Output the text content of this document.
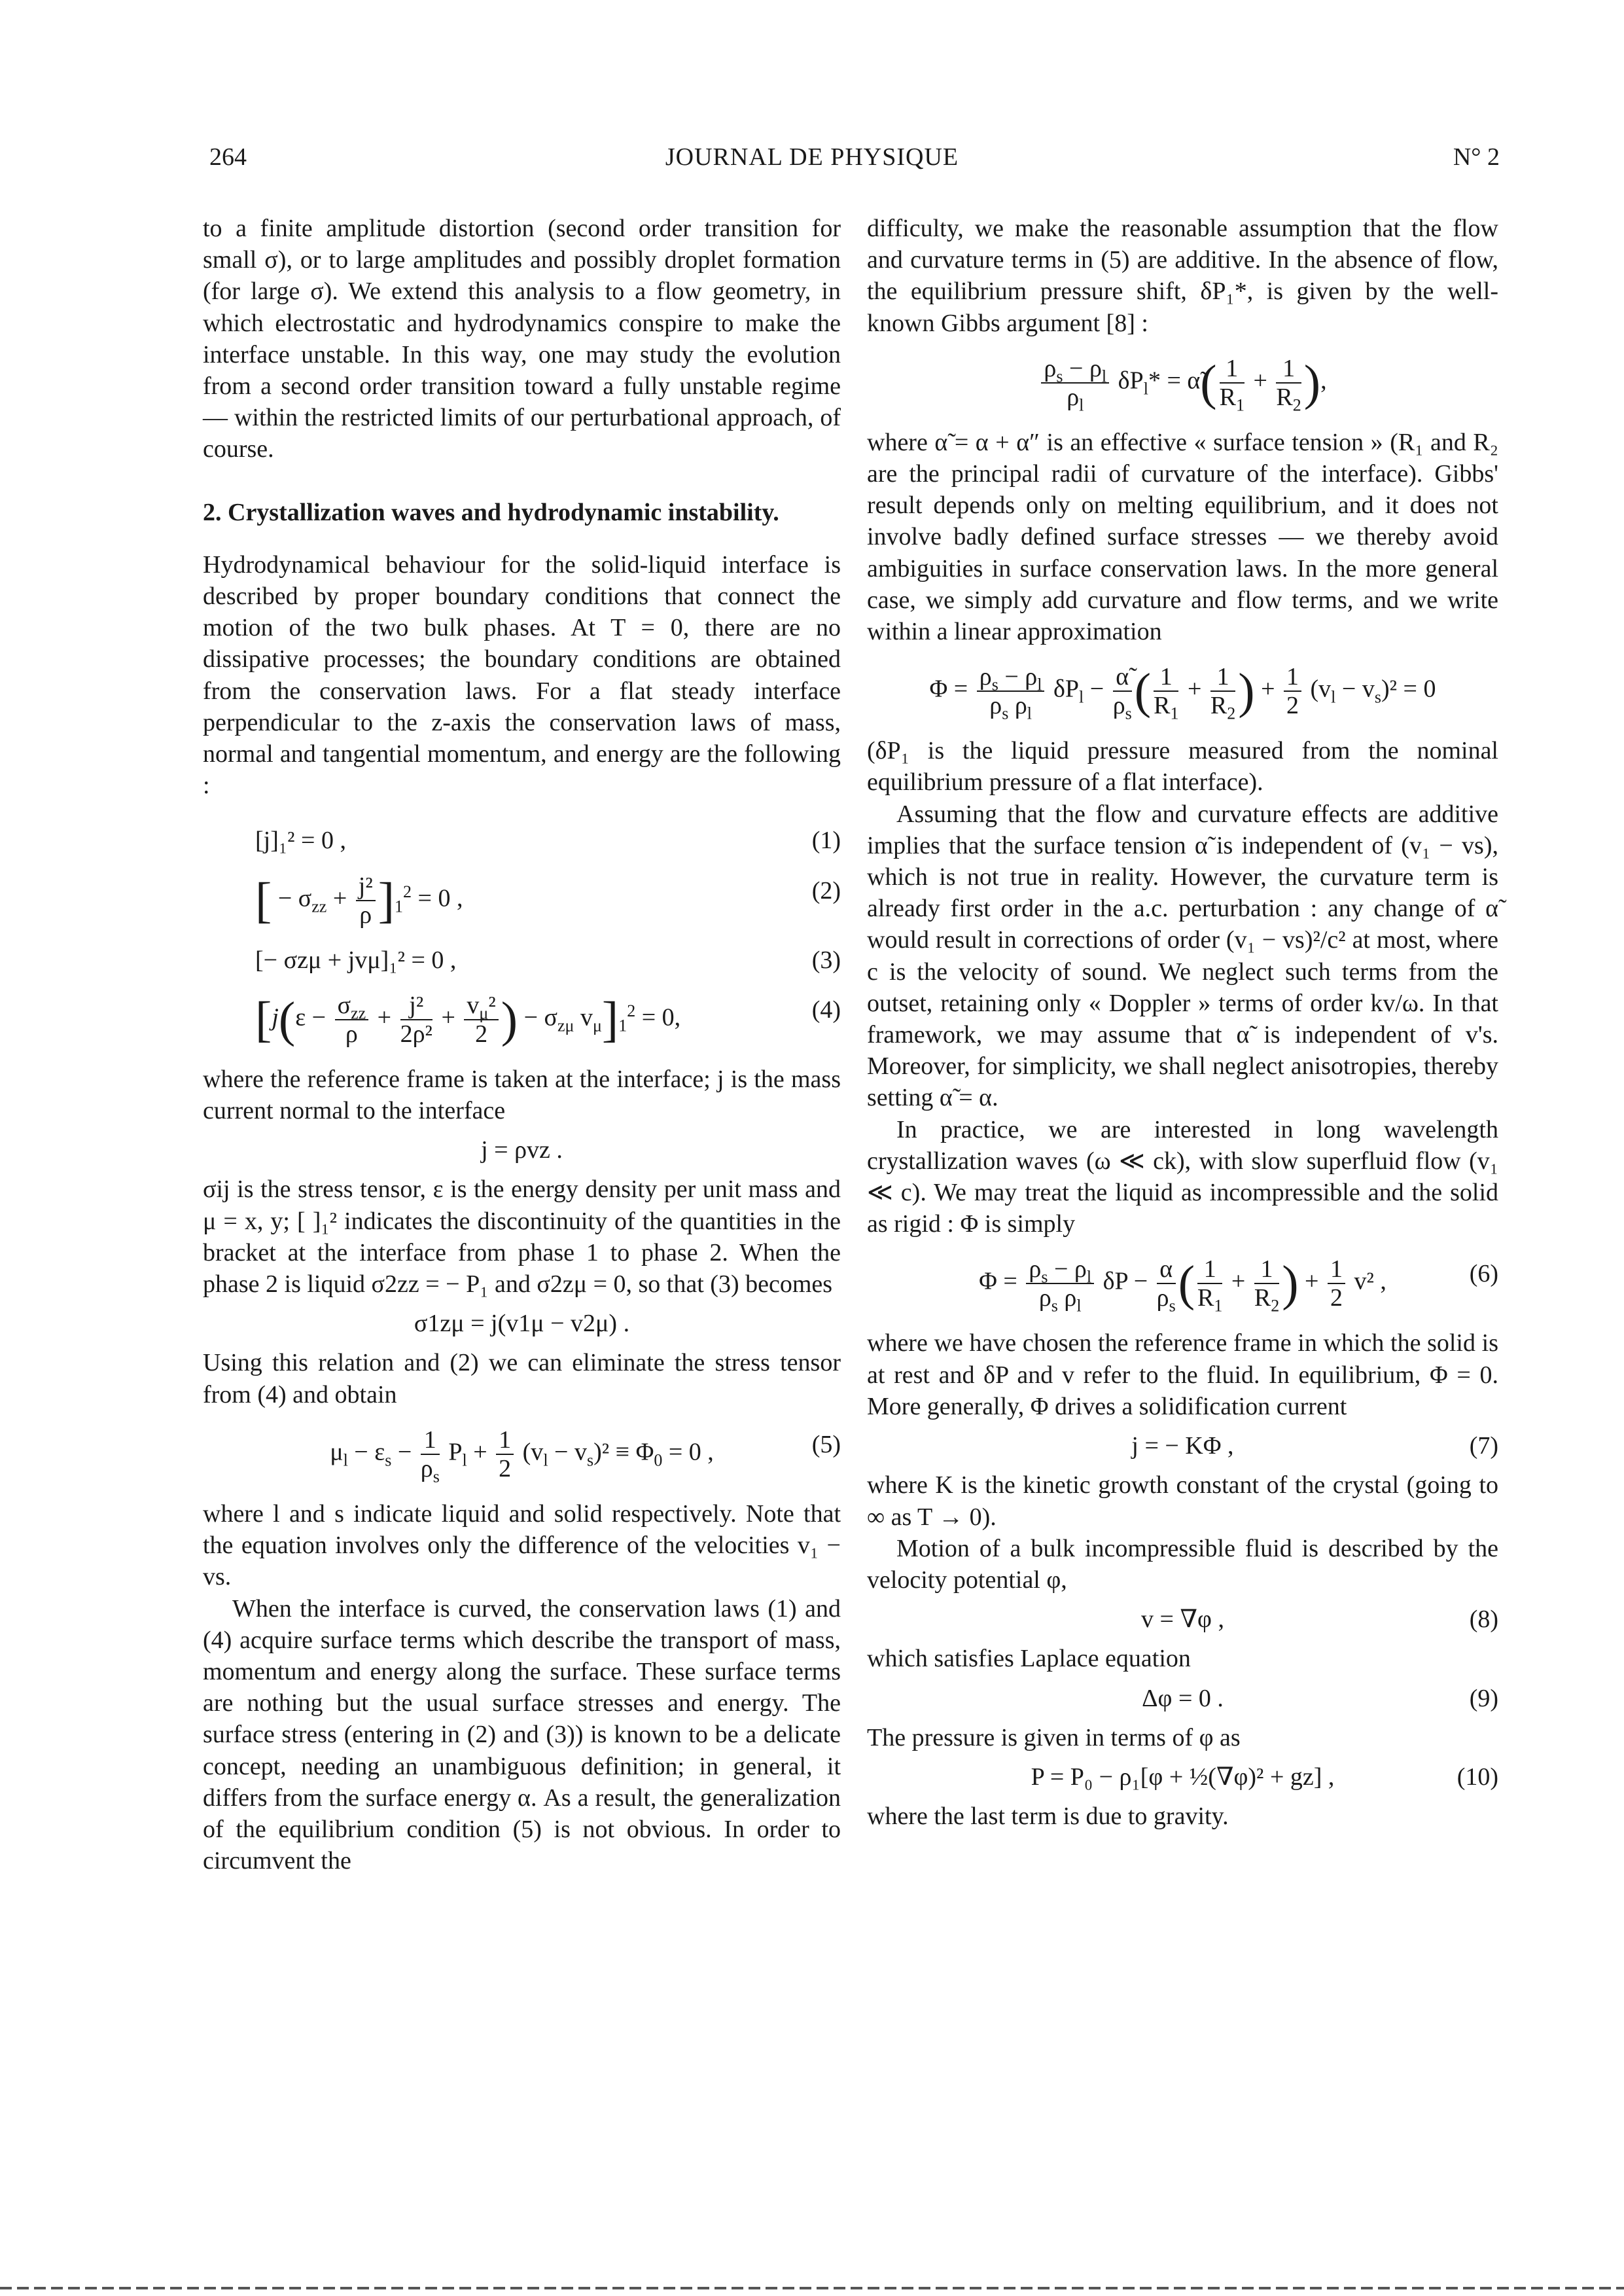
264	JOURNAL DE PHYSIQUE	N° 2

to a finite amplitude distortion (second order transition for small σ), or to large amplitudes and possibly droplet formation (for large σ). We extend this analysis to a flow geometry, in which electrostatic and hydrodynamics conspire to make the interface unstable. In this way, one may study the evolution from a second order transition toward a fully unstable regime — within the restricted limits of our perturbational approach, of course.

2. Crystallization waves and hydrodynamic instability.

Hydrodynamical behaviour for the solid-liquid interface is described by proper boundary conditions that connect the motion of the two bulk phases. At T = 0, there are no dissipative processes; the boundary conditions are obtained from the conservation laws. For a flat steady interface perpendicular to the z-axis the conservation laws of mass, normal and tangential momentum, and energy are the following :

[j]₁² = 0 ,	(1)
[ − $\sigma_{zz} + \frac{\text{j²}}{\rho} ]_1^2 = 0$ ,	(2)
[− σzμ + jvμ]₁² = 0 ,	(3)
[$j(\varepsilon - \frac{\sigma_{zz}}{\rho} + \frac{\text{j²}}{\text{2ρ²}} + \frac{v_\mu^2}{2}$ ) − $\sigma_{z\mu}$ $v_\mu]_1^2 = 0$,	(4)

where the reference frame is taken at the interface; j is the mass current normal to the interface

j = ρvz .

σij is the stress tensor, ε is the energy density per unit mass and μ = x, y; [ ]₁² indicates the discontinuity of the quantities in the bracket at the interface from phase 1 to phase 2. When the phase 2 is liquid σ2zz = − P₁ and σ2zμ = 0, so that (3) becomes

σ1zμ = j(v1μ − v2μ) .

Using this relation and (2) we can eliminate the stress tensor from (4) and obtain

$\mu_l - \varepsilon_s - \frac{1}{\rho_s} P_l + \frac{1}{2} (v_l - v_s)^2 \equiv \Phi_0 = 0$ ,	(5)

where l and s indicate liquid and solid respectively. Note that the equation involves only the difference of the velocities v₁ − vs.

When the interface is curved, the conservation laws (1) and (4) acquire surface terms which describe the transport of mass, momentum and energy along the surface. These surface terms are nothing but the usual surface stresses and energy. The surface stress (entering in (2) and (3)) is known to be a delicate concept, needing an unambiguous definition; in general, it differs from the surface energy α. As a result, the generalization of the equilibrium condition (5) is not obvious. In order to circumvent the

difficulty, we make the reasonable assumption that the flow and curvature terms in (5) are additive. In the absence of flow, the equilibrium pressure shift, δP₁*, is given by the well-known Gibbs argument [8] :

$\frac{\rho_s - \rho_l}{\rho_l} \delta P_l*$ = α̃( $\frac{1}{R_1} + \frac{1}{R_2}$ ),

where α̃ = α + α″ is an effective « surface tension » (R₁ and R₂ are the principal radii of curvature of the interface). Gibbs' result depends only on melting equilibrium, and it does not involve badly defined surface stresses — we thereby avoid ambiguities in surface conservation laws. In the more general case, we simply add curvature and flow terms, and we write within a linear approximation

$\Phi = \frac{\rho_s - \rho_l}{\rho_s \rho_l} \delta P_l - \frac{\alphã}{\rho_s}$ ( $\frac{1}{R_1} + \frac{1}{R_2}$ ) + $\frac{1}{2} (v_l - v_s)^2 = 0$

(δP₁ is the liquid pressure measured from the nominal equilibrium pressure of a flat interface).

Assuming that the flow and curvature effects are additive implies that the surface tension α̃ is independent of (v₁ − vs), which is not true in reality. However, the curvature term is already first order in the a.c. perturbation : any change of α̃ would result in corrections of order (v₁ − vs)²/c² at most, where c is the velocity of sound. We neglect such terms from the outset, retaining only « Doppler » terms of order kv/ω. In that framework, we may assume that α̃ is independent of v's. Moreover, for simplicity, we shall neglect anisotropies, thereby setting α̃ = α.

In practice, we are interested in long wavelength crystallization waves (ω ≪ ck), with slow superfluid flow (v₁ ≪ c). We may treat the liquid as incompressible and the solid as rigid : Φ is simply

$\Phi = \frac{\rho_s - \rho_l}{\rho_s \rho_l}$ $\delta P - \frac{\alpha}{\rho_s}$ ( $\frac{1}{R_1} + \frac{1}{R_2}$ ) + $\frac{1}{2} v^2$ ,	(6)

where we have chosen the reference frame in which the solid is at rest and δP and v refer to the fluid. In equilibrium, Φ = 0. More generally, Φ drives a solidification current

j = − KΦ ,	(7)

where K is the kinetic growth constant of the crystal (going to ∞ as T → 0).

Motion of a bulk incompressible fluid is described by the velocity potential φ,

v = ∇φ ,	(8)

which satisfies Laplace equation

Δφ = 0 .	(9)

The pressure is given in terms of φ as

P = P₀ − ρ₁[φ + ½(∇φ)² + gz] ,	(10)

where the last term is due to gravity.
